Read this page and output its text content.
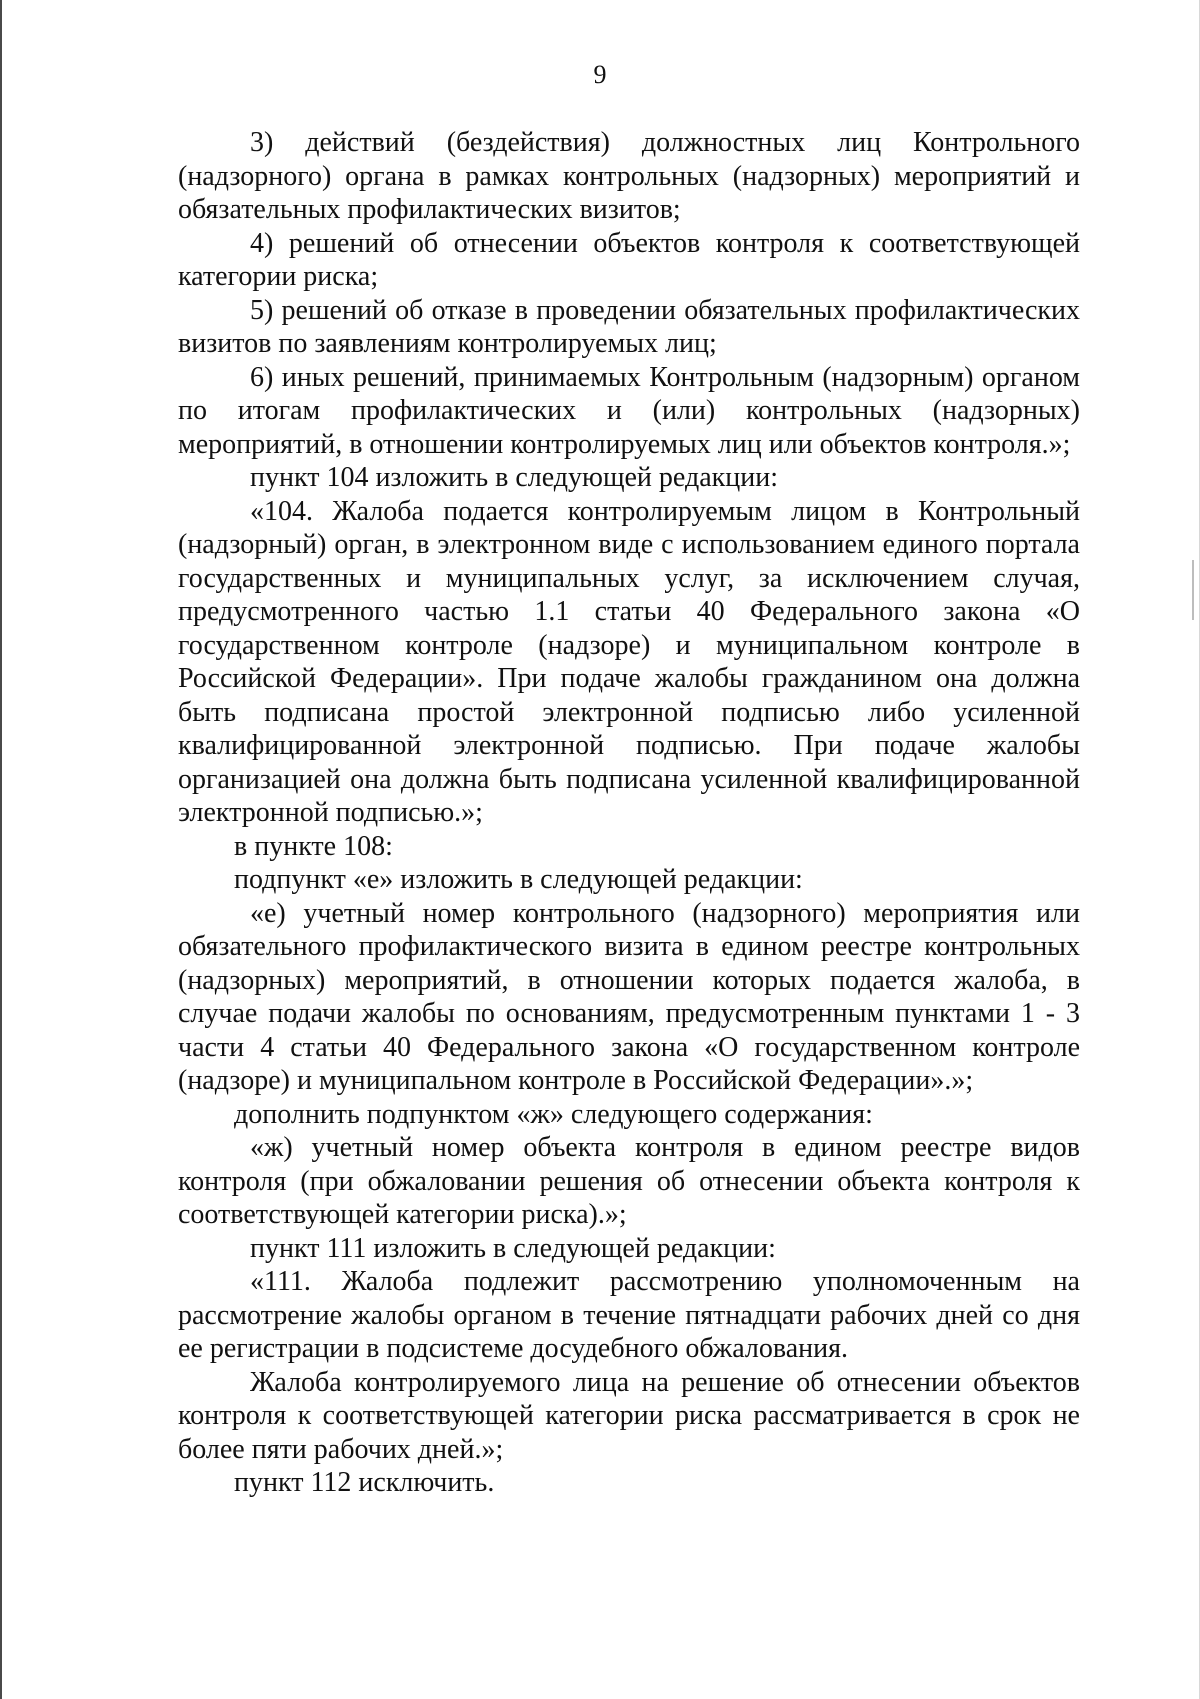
9

3) действий (бездействия) должностных лиц Контрольного (надзорного) органа в рамках контрольных (надзорных) мероприятий и обязательных профилактических визитов;

4) решений об отнесении объектов контроля к соответствующей категории риска;

5) решений об отказе в проведении обязательных профилактических визитов по заявлениям контролируемых лиц;

6) иных решений, принимаемых Контрольным (надзорным) органом по итогам профилактических и (или) контрольных (надзорных) мероприятий, в отношении контролируемых лиц или объектов контроля.»;

пункт 104 изложить в следующей редакции:

«104. Жалоба подается контролируемым лицом в Контрольный (надзорный) орган, в электронном виде с использованием единого портала государственных и муниципальных услуг, за исключением случая, предусмотренного частью 1.1 статьи 40 Федерального закона «О государственном контроле (надзоре) и муниципальном контроле в Российской Федерации». При подаче жалобы гражданином она должна быть подписана простой электронной подписью либо усиленной квалифицированной электронной подписью. При подаче жалобы организацией она должна быть подписана усиленной квалифицированной электронной подписью.»;

в пункте 108:

подпункт «е» изложить в следующей редакции:

«е) учетный номер контрольного (надзорного) мероприятия или обязательного профилактического визита в едином реестре контрольных (надзорных) мероприятий, в отношении которых подается жалоба, в случае подачи жалобы по основаниям, предусмотренным пунктами 1 - 3 части 4 статьи 40 Федерального закона «О государственном контроле (надзоре) и муниципальном контроле в Российской Федерации».»;

дополнить подпунктом «ж» следующего содержания:

«ж) учетный номер объекта контроля в едином реестре видов контроля (при обжаловании решения об отнесении объекта контроля к соответствующей категории риска).»;

пункт 111 изложить в следующей редакции:

«111. Жалоба подлежит рассмотрению уполномоченным на рассмотрение жалобы органом в течение пятнадцати рабочих дней со дня ее регистрации в подсистеме досудебного обжалования.

Жалоба контролируемого лица на решение об отнесении объектов контроля к соответствующей категории риска рассматривается в срок не более пяти рабочих дней.»;

пункт 112 исключить.
